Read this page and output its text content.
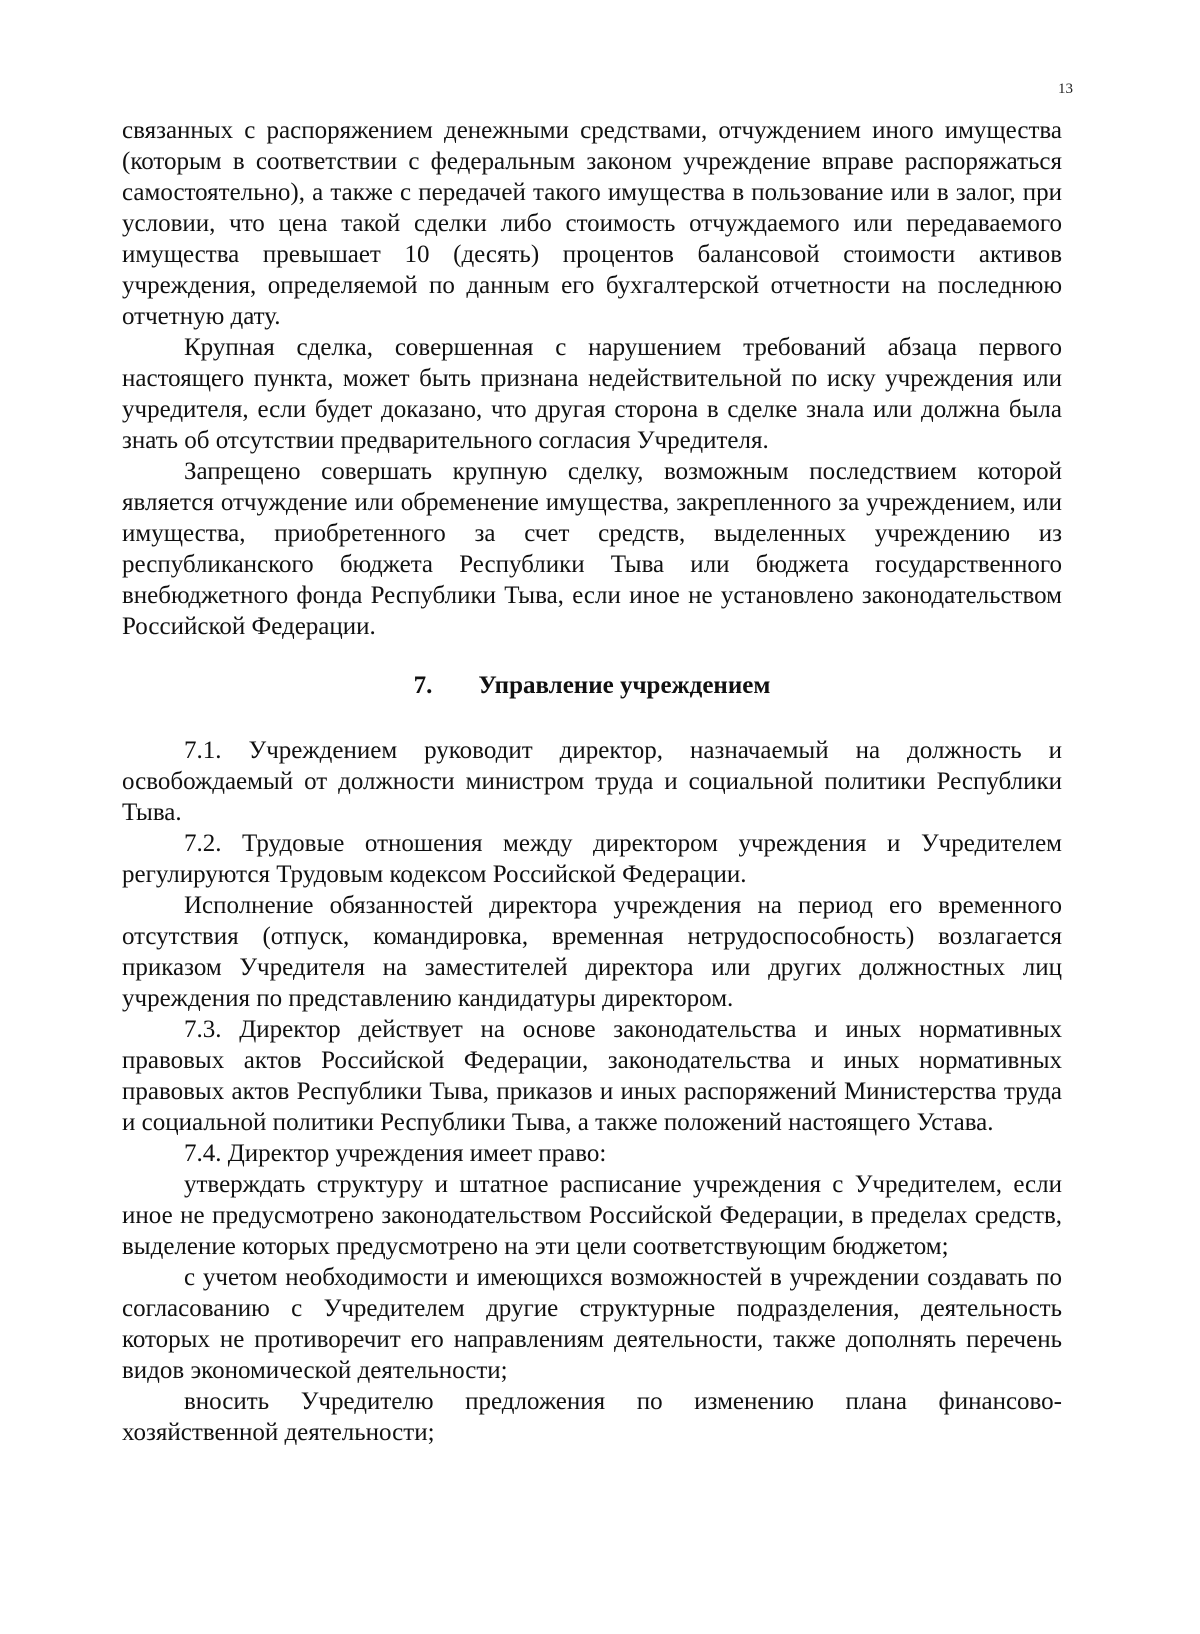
13

связанных с распоряжением денежными средствами, отчуждением иного имущества (которым в соответствии с федеральным законом учреждение вправе распоряжаться самостоятельно), а также с передачей такого имущества в пользование или в залог, при условии, что цена такой сделки либо стоимость отчуждаемого или передаваемого имущества превышает 10 (десять) процентов балансовой стоимости активов учреждения, определяемой по данным его бухгалтерской отчетности на последнюю отчетную дату.

Крупная сделка, совершенная с нарушением требований абзаца первого настоящего пункта, может быть признана недействительной по иску учреждения или учредителя, если будет доказано, что другая сторона в сделке знала или должна была знать об отсутствии предварительного согласия Учредителя.

Запрещено совершать крупную сделку, возможным последствием которой является отчуждение или обременение имущества, закрепленного за учреждением, или имущества, приобретенного за счет средств, выделенных учреждению из республиканского бюджета Республики Тыва или бюджета государственного внебюджетного фонда Республики Тыва, если иное не установлено законодательством Российской Федерации.

7. Управление учреждением

7.1. Учреждением руководит директор, назначаемый на должность и освобождаемый от должности министром труда и социальной политики Республики Тыва.

7.2. Трудовые отношения между директором учреждения и Учредителем регулируются Трудовым кодексом Российской Федерации.

Исполнение обязанностей директора учреждения на период его временного отсутствия (отпуск, командировка, временная нетрудоспособность) возлагается приказом Учредителя на заместителей директора или других должностных лиц учреждения по представлению кандидатуры директором.

7.3. Директор действует на основе законодательства и иных нормативных правовых актов Российской Федерации, законодательства и иных нормативных правовых актов Республики Тыва, приказов и иных распоряжений Министерства труда и социальной политики Республики Тыва, а также положений настоящего Устава.

7.4. Директор учреждения имеет право:

утверждать структуру и штатное расписание учреждения с Учредителем, если иное не предусмотрено законодательством Российской Федерации, в пределах средств, выделение которых предусмотрено на эти цели соответствующим бюджетом;

с учетом необходимости и имеющихся возможностей в учреждении создавать по согласованию с Учредителем другие структурные подразделения, деятельность которых не противоречит его направлениям деятельности, также дополнять перечень видов экономической деятельности;

вносить Учредителю предложения по изменению плана финансово-хозяйственной деятельности;
